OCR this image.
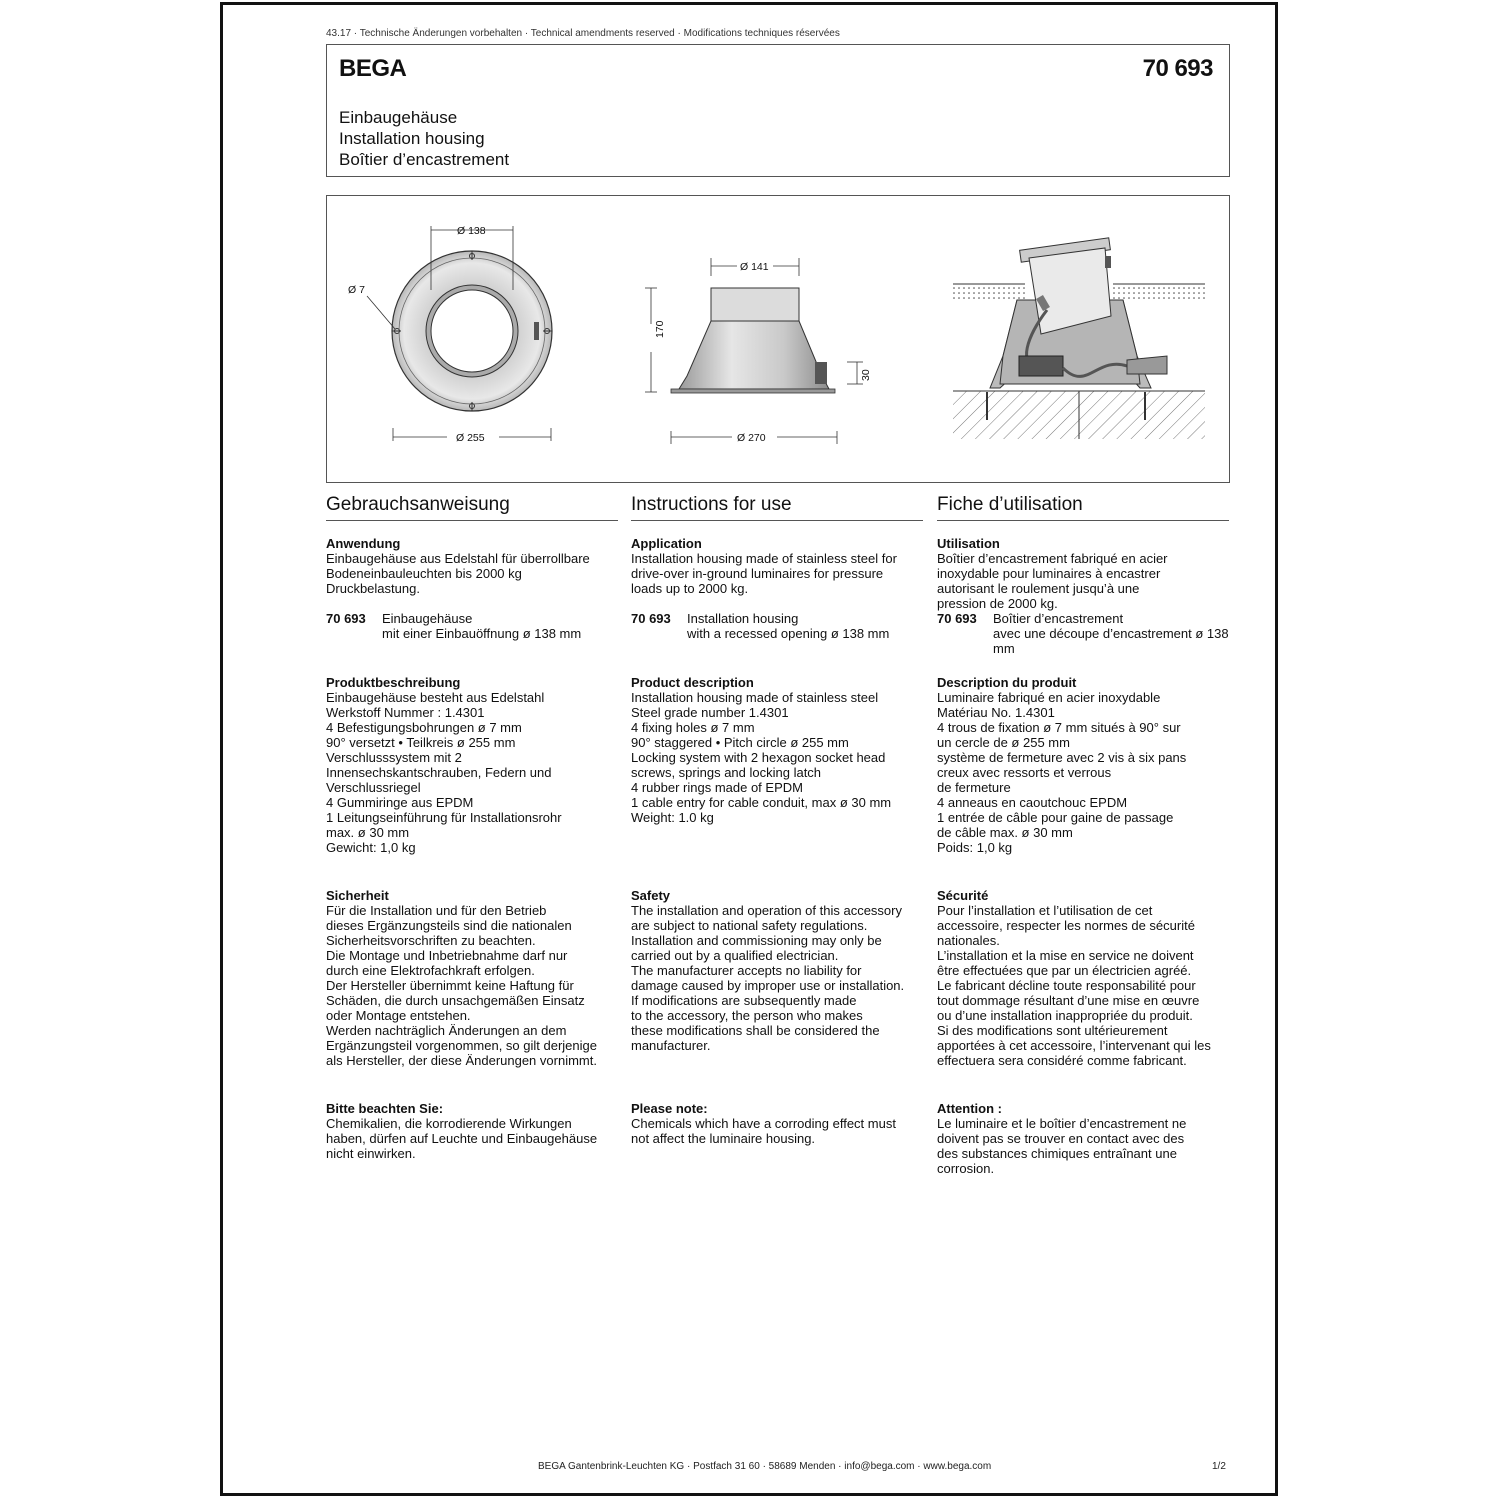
43.17 · Technische Änderungen vorbehalten · Technical amendments reserved · Modifications techniques réservées
BEGA	70 693
Einbaugehäuse
Installation housing
Boîtier d’encastrement
Ø 138
Ø 7
Ø 255
Ø 141
170
30
Ø 270
Gebrauchsanweisung
Anwendung
Einbaugehäuse aus Edelstahl für überrollbare
Bodeneinbauleuchten bis 2000 kg
Druckbelastung.
70 693	Einbaugehäuse
mit einer Einbauöffnung ø 138 mm
Produktbeschreibung
Einbaugehäuse besteht aus Edelstahl
Werkstoff Nummer : 1.4301
4 Befestigungsbohrungen ø 7 mm
90° versetzt • Teilkreis ø 255 mm
Verschlusssystem mit 2
Innensechskantschrauben, Federn und
Verschlussriegel
4 Gummiringe aus EPDM
1 Leitungseinführung für Installationsrohr
max. ø 30 mm
Gewicht: 1,0 kg
Sicherheit
Für die Installation und für den Betrieb
dieses Ergänzungsteils sind die nationalen
Sicherheitsvorschriften zu beachten.
Die Montage und Inbetriebnahme darf nur
durch eine Elektrofachkraft erfolgen.
Der Hersteller übernimmt keine Haftung für
Schäden, die durch unsachgemäßen Einsatz
oder Montage entstehen.
Werden nachträglich Änderungen an dem
Ergänzungsteil vorgenommen, so gilt derjenige
als Hersteller, der diese Änderungen vornimmt.
Bitte beachten Sie:
Chemikalien, die korrodierende Wirkungen
haben, dürfen auf Leuchte und Einbaugehäuse
nicht einwirken.
Instructions for use
Application
Installation housing made of stainless steel for
drive-over in-ground luminaires for pressure
loads up to 2000 kg.
70 693	Installation housing
with a recessed opening ø 138 mm
Product description
Installation housing made of stainless steel
Steel grade number 1.4301
4 fixing holes ø 7 mm
90° staggered • Pitch circle ø 255 mm
Locking system with 2 hexagon socket head
screws, springs and locking latch
4 rubber rings made of EPDM
1 cable entry for cable conduit, max ø 30 mm
Weight: 1.0 kg
Safety
The installation and operation of this accessory
are subject to national safety regulations.
Installation and commissioning may only be
carried out by a qualified electrician.
The manufacturer accepts no liability for
damage caused by improper use or installation.
If modifications are subsequently made
to the accessory, the person who makes
these modifications shall be considered the
manufacturer.
Please note:
Chemicals which have a corroding effect must
not affect the luminaire housing.
Fiche d’utilisation
Utilisation
Boîtier d’encastrement fabriqué en acier
inoxydable pour luminaires à encastrer
autorisant le roulement jusqu’à une
pression de 2000 kg.
70 693	Boîtier d’encastrement
avec une découpe d’encastrement ø 138 mm
Description du produit
Luminaire fabriqué en acier inoxydable
Matériau No. 1.4301
4 trous de fixation ø 7 mm situés à 90° sur
un cercle de ø 255 mm
système de fermeture avec 2 vis à six pans
creux avec ressorts et verrous
de fermeture
4 anneaus en caoutchouc EPDM
1 entrée de câble pour gaine de passage
de câble max. ø 30 mm
Poids: 1,0 kg
Sécurité
Pour l’installation et l’utilisation de cet
accessoire, respecter les normes de sécurité
nationales.
L’installation et la mise en service ne doivent
être effectuées que par un électricien agréé.
Le fabricant décline toute responsabilité pour
tout dommage résultant d’une mise en œuvre
ou d’une installation inappropriée du produit.
Si des modifications sont ultérieurement
apportées à cet accessoire, l’intervenant qui les
effectuera sera considéré comme fabricant.
Attention :
Le luminaire et le boîtier d’encastrement ne
doivent pas se trouver en contact avec des
des substances chimiques entraînant une
corrosion.
BEGA Gantenbrink-Leuchten KG · Postfach 31 60 · 58689 Menden · info@bega.com · www.bega.com	1/2
